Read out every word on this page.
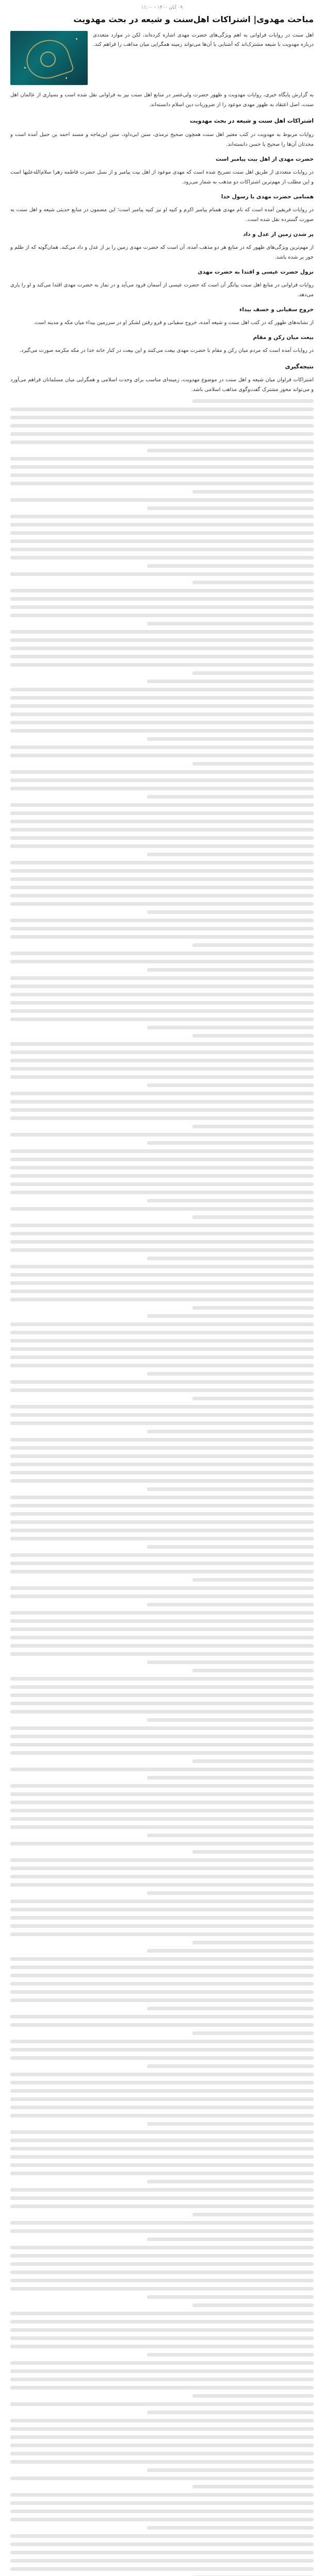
۰۹ آبان ۱۴۰۰ - ۱۱:۰۰
مباحث مهدوی| اشتراکات اهل‌سنت و شیعه در بحث مهدویت
اهل سنت در روایات فراوانی به اهم ویژگی‌های حضرت مهدی اشاره کرده‌اند، لکن در موارد متعددی درباره مهدویت با شیعه مشترک‌اند که آشنایی با آن‌ها می‌تواند زمینه همگرایی میان مذاهب را فراهم کند.

به گزارش پایگاه خبری، روایات مهدویت و ظهور حضرت ولی‌عصر در منابع اهل سنت نیز به فراوانی نقل شده است و بسیاری از عالمان اهل سنت، اصل اعتقاد به ظهور مهدی موعود را از ضروریات دین اسلام دانسته‌اند.

اشتراکات اهل سنت و شیعه در بحث مهدویت

روایات مربوط به مهدویت در کتب معتبر اهل سنت همچون صحیح ترمذی، سنن ابی‌داود، سنن ابن‌ماجه و مسند احمد بن حنبل آمده است و محدثان آن‌ها را صحیح یا حسن دانسته‌اند.

حضرت مهدی از اهل بیت پیامبر است

در روایات متعددی از طریق اهل سنت تصریح شده است که مهدی موعود از اهل بیت پیامبر و از نسل حضرت فاطمه زهرا سلام‌الله‌علیها است و این مطلب از مهم‌ترین اشتراکات دو مذهب به شمار می‌رود.

همنامی حضرت مهدی با رسول خدا

در روایات فریقین آمده است که نام مهدی همنام پیامبر اکرم و کنیه او نیز کنیه پیامبر است؛ این مضمون در منابع حدیثی شیعه و اهل سنت به صورت گسترده نقل شده است.

پر شدن زمین از عدل و داد

از مهم‌ترین ویژگی‌های ظهور که در منابع هر دو مذهب آمده، آن است که حضرت مهدی زمین را پر از عدل و داد می‌کند، همان‌گونه که از ظلم و جور پر شده باشد.

نزول حضرت عیسی و اقتدا به حضرت مهدی

روایات فراوانی در منابع اهل سنت بیانگر آن است که حضرت عیسی از آسمان فرود می‌آید و در نماز به حضرت مهدی اقتدا می‌کند و او را یاری می‌دهد.

خروج سفیانی و خسف بیداء

از نشانه‌های ظهور که در کتب اهل سنت و شیعه آمده، خروج سفیانی و فرو رفتن لشکر او در سرزمین بیداء میان مکه و مدینه است.

بیعت میان رکن و مقام

در روایات آمده است که مردم میان رکن و مقام با حضرت مهدی بیعت می‌کنند و این بیعت در کنار خانه خدا در مکه مکرمه صورت می‌گیرد.

نتیجه‌گیری

اشتراکات فراوان میان شیعه و اهل سنت در موضوع مهدویت، زمینه‌ای مناسب برای وحدت اسلامی و همگرایی میان مسلمانان فراهم می‌آورد و می‌تواند محور مشترک گفت‌وگوی مذاهب اسلامی باشد.
